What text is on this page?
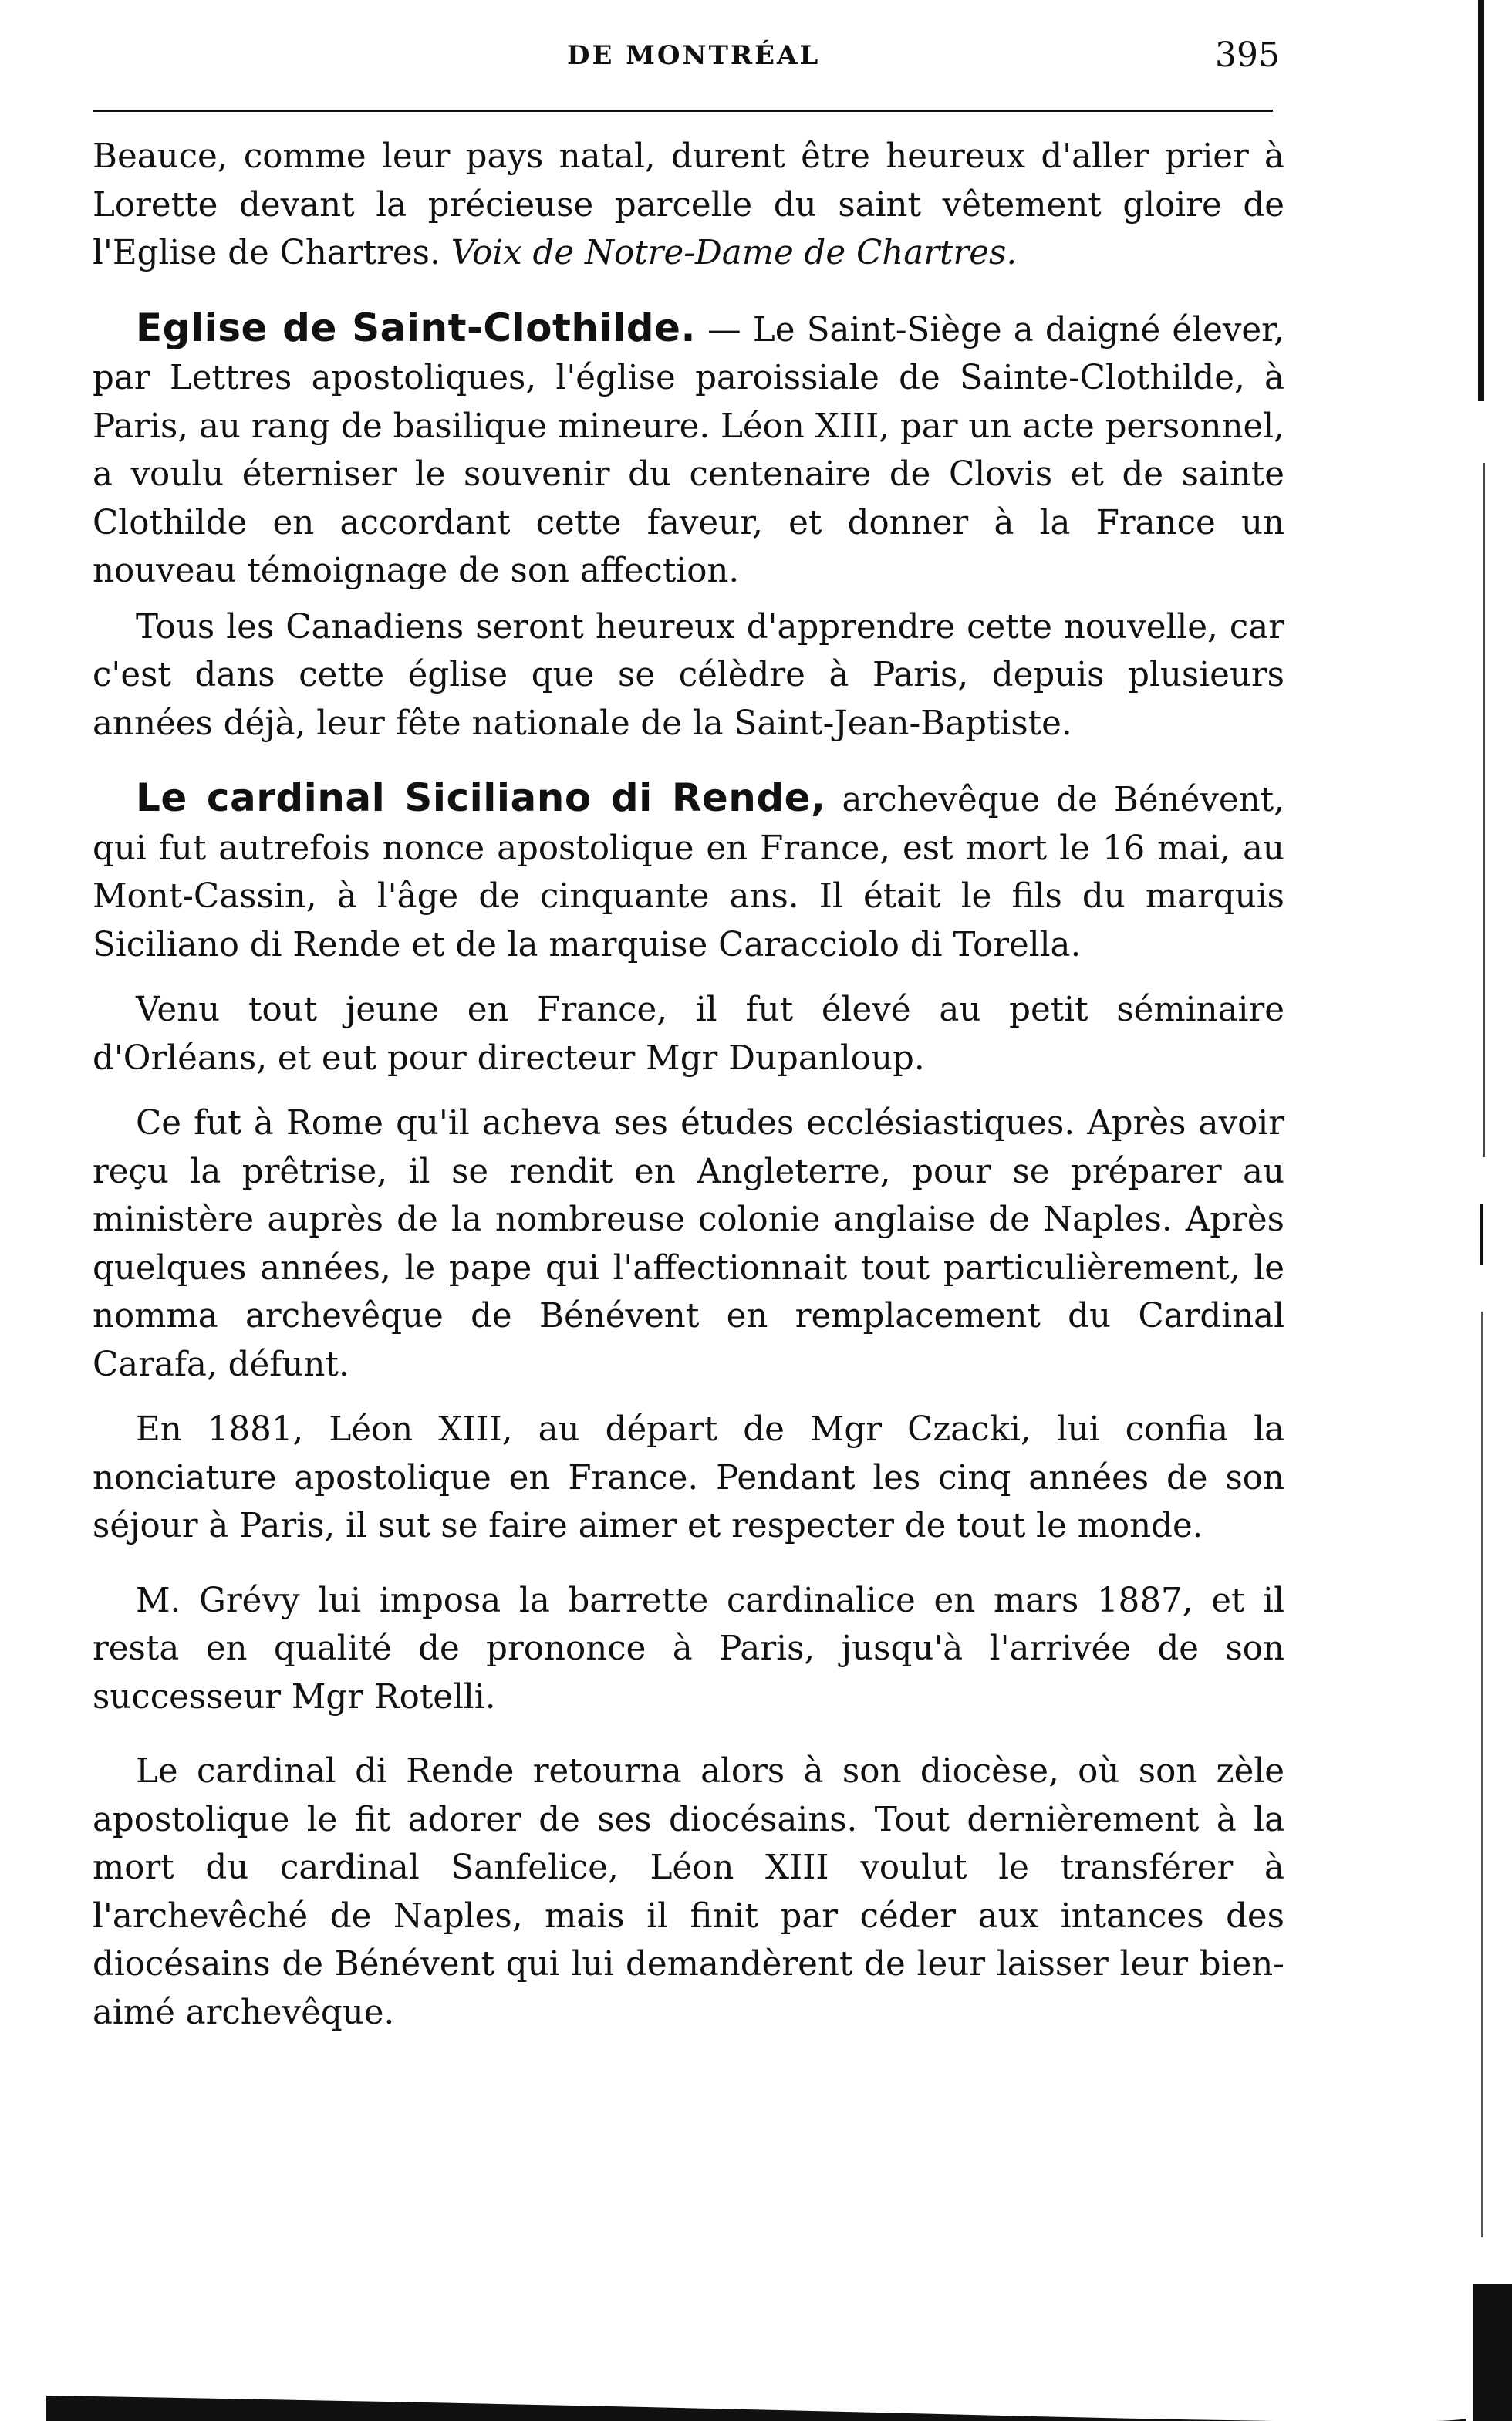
DE MONTRÉAL	395

Beauce, comme leur pays natal, durent être heureux d'aller prier à Lorette devant la précieuse parcelle du saint vêtement gloire de l'Eglise de Chartres. Voix de Notre-Dame de Chartres.

Eglise de Saint-Clothilde. — Le Saint-Siège a daigné élever, par Lettres apostoliques, l'église paroissiale de Sainte-Clothilde, à Paris, au rang de basilique mineure. Léon XIII, par un acte personnel, a voulu éterniser le souvenir du centenaire de Clovis et de sainte Clothilde en accordant cette faveur, et donner à la France un nouveau témoignage de son affection.

Tous les Canadiens seront heureux d'apprendre cette nouvelle, car c'est dans cette église que se célèdre à Paris, depuis plusieurs années déjà, leur fête nationale de la Saint-Jean-Baptiste.

Le cardinal Siciliano di Rende, archevêque de Bénévent, qui fut autrefois nonce apostolique en France, est mort le 16 mai, au Mont-Cassin, à l'âge de cinquante ans. Il était le fils du marquis Siciliano di Rende et de la marquise Caracciolo di Torella.

Venu tout jeune en France, il fut élevé au petit séminaire d'Orléans, et eut pour directeur Mgr Dupanloup.

Ce fut à Rome qu'il acheva ses études ecclésiastiques. Après avoir reçu la prêtrise, il se rendit en Angleterre, pour se préparer au ministère auprès de la nombreuse colonie anglaise de Naples. Après quelques années, le pape qui l'affectionnait tout particulièrement, le nomma archevêque de Bénévent en remplacement du Cardinal Carafa, défunt.

En 1881, Léon XIII, au départ de Mgr Czacki, lui confia la nonciature apostolique en France. Pendant les cinq années de son séjour à Paris, il sut se faire aimer et respecter de tout le monde.

M. Grévy lui imposa la barrette cardinalice en mars 1887, et il resta en qualité de prononce à Paris, jusqu'à l'arrivée de son successeur Mgr Rotelli.

Le cardinal di Rende retourna alors à son diocèse, où son zèle apostolique le fit adorer de ses diocésains. Tout dernièrement à la mort du cardinal Sanfelice, Léon XIII voulut le transférer à l'archevêché de Naples, mais il finit par céder aux intances des diocésains de Bénévent qui lui demandèrent de leur laisser leur bien-aimé archevêque.
